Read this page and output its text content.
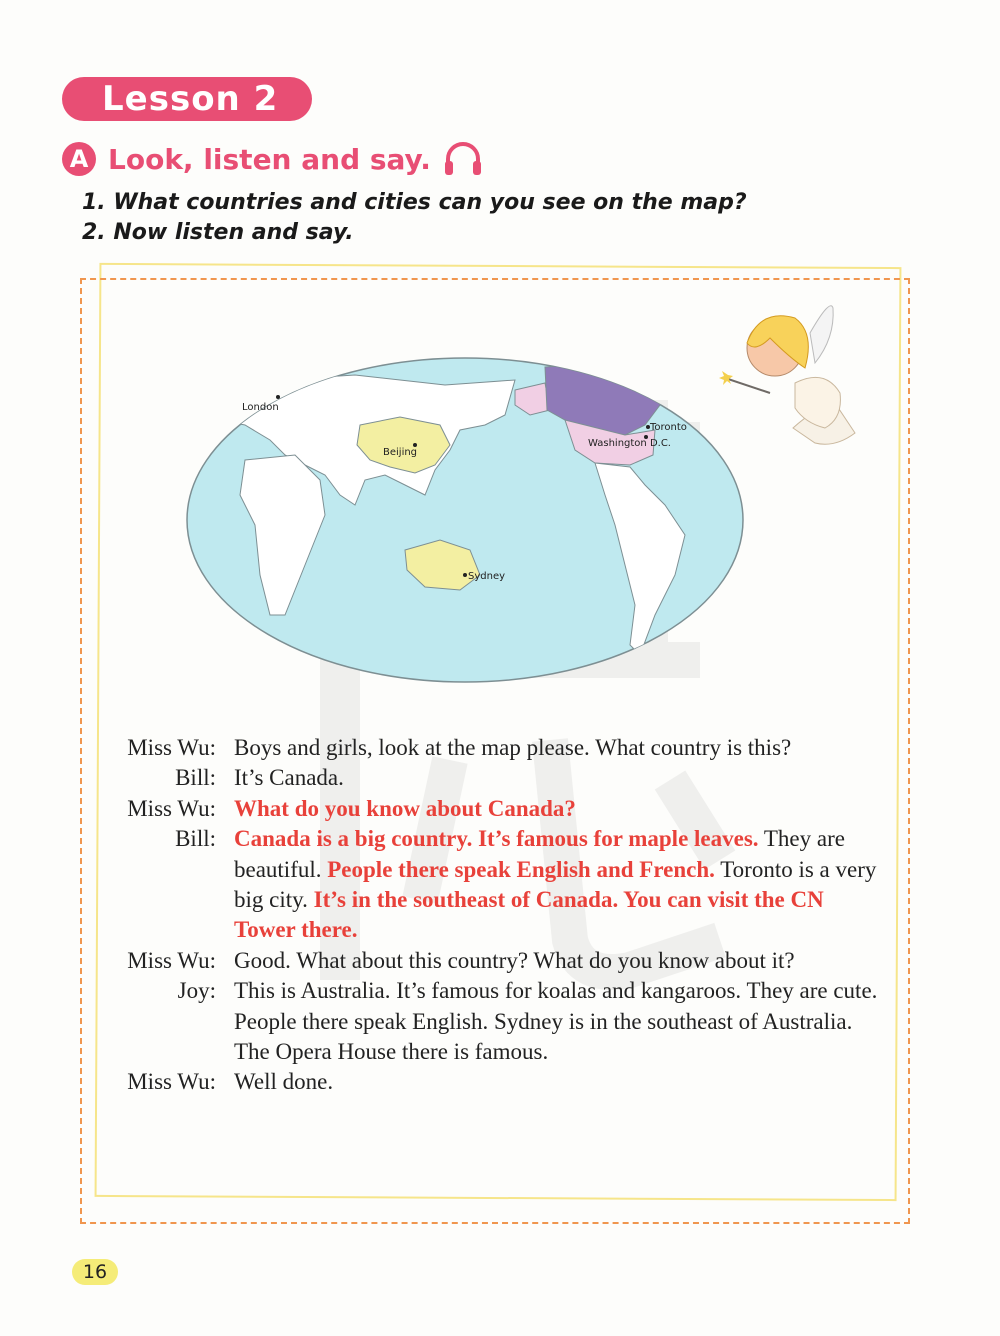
Lesson 2
A Look, listen and say.
1. What countries and cities can you see on the map?
2. Now listen and say.
London
Beijing
Toronto
Washington D.C.
Sydney
Miss Wu: Boys and girls, look at the map please. What country is this?
Bill: It’s Canada.
Miss Wu: What do you know about Canada?
Bill: Canada is a big country. It’s famous for maple leaves. They are beautiful. People there speak English and French. Toronto is a very big city. It’s in the southeast of Canada. You can visit the CN Tower there.
Miss Wu: Good. What about this country? What do you know about it?
Joy: This is Australia. It’s famous for koalas and kangaroos. They are cute. People there speak English. Sydney is in the southeast of Australia. The Opera House there is famous.
Miss Wu: Well done.
16
